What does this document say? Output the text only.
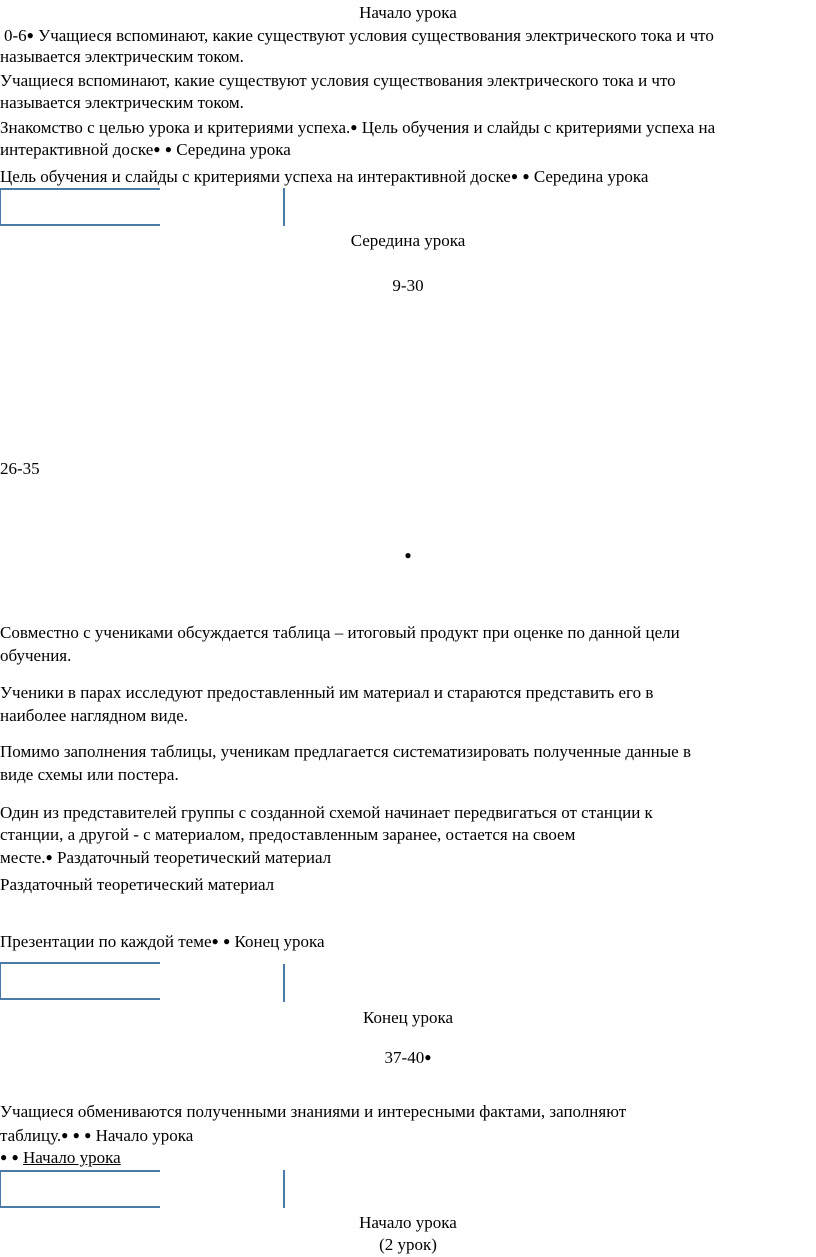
Начало урока
0-6● Учащиеся вспоминают, какие существуют условия существования электрического тока и что
называется электрическим током.
Учащиеся вспоминают, какие существуют условия существования электрического тока и что
называется электрическим током.
Знакомство с целью урока и критериями успеха.● Цель обучения и слайды с критериями успеха на
интерактивной доске● ● Середина урока
Цель обучения и слайды с критериями успеха на интерактивной доске● ● Середина урока
Середина урока
9-30
26-35
●
Совместно с учениками обсуждается таблица – итоговый продукт при оценке по данной цели
обучения.
Ученики в парах исследуют предоставленный им материал и стараются представить его в
наиболее наглядном виде.
Помимо заполнения таблицы, ученикам предлагается систематизировать полученные данные в
виде схемы или постера.
Один из представителей группы с созданной схемой начинает передвигаться от станции к
станции, а другой - с материалом, предоставленным заранее, остается на своем
месте.● Раздаточный теоретический материал
Раздаточный теоретический материал
Презентации по каждой теме● ● Конец урока
Конец урока
37-40●
Учащиеся обмениваются полученными знаниями и интересными фактами, заполняют
таблицу.● ● ● Начало урока
● ● Начало урока
Начало урока
(2 урок)
